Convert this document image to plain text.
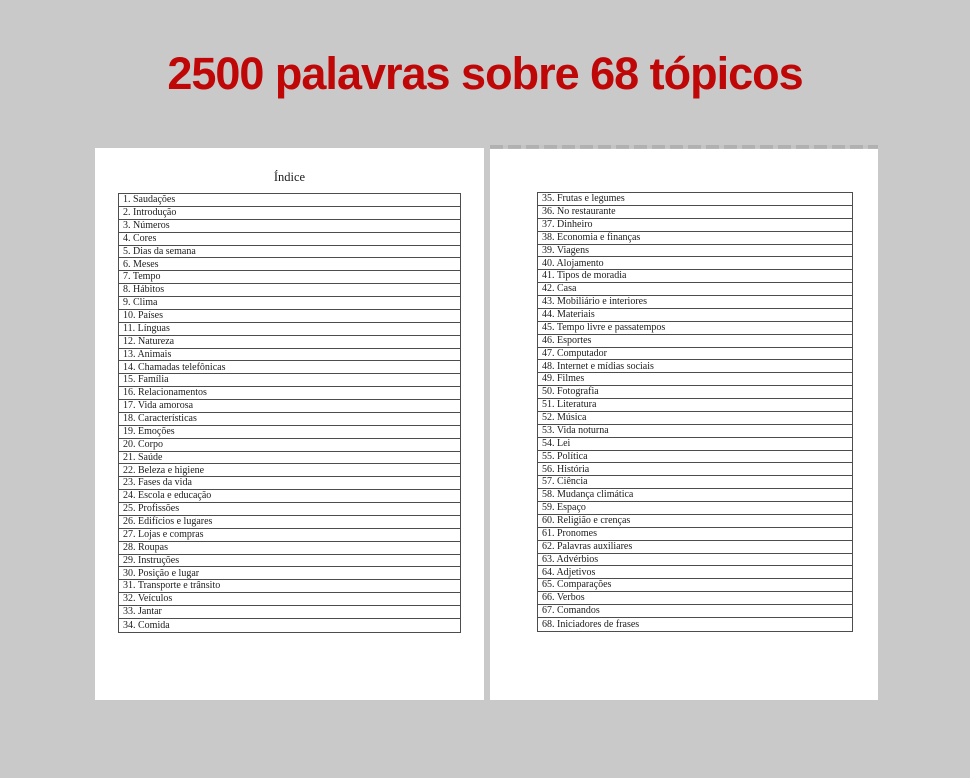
2500 palavras sobre 68 tópicos
Índice
1. Saudações
2. Introdução
3. Números
4. Cores
5. Dias da semana
6. Meses
7. Tempo
8. Hábitos
9. Clima
10. Países
11. Línguas
12. Natureza
13. Animais
14. Chamadas telefônicas
15. Família
16. Relacionamentos
17. Vida amorosa
18. Características
19. Emoções
20. Corpo
21. Saúde
22. Beleza e higiene
23. Fases da vida
24. Escola e educação
25. Profissões
26. Edifícios e lugares
27. Lojas e compras
28. Roupas
29. Instruções
30. Posição e lugar
31. Transporte e trânsito
32. Veículos
33. Jantar
34. Comida
35. Frutas e legumes
36. No restaurante
37. Dinheiro
38. Economia e finanças
39. Viagens
40. Alojamento
41. Tipos de moradia
42. Casa
43. Mobiliário e interiores
44. Materiais
45. Tempo livre e passatempos
46. Esportes
47. Computador
48. Internet e mídias sociais
49. Filmes
50. Fotografia
51. Literatura
52. Música
53. Vida noturna
54. Lei
55. Política
56. História
57. Ciência
58. Mudança climática
59. Espaço
60. Religião e crenças
61. Pronomes
62. Palavras auxiliares
63. Advérbios
64. Adjetivos
65. Comparações
66. Verbos
67. Comandos
68. Iniciadores de frases
